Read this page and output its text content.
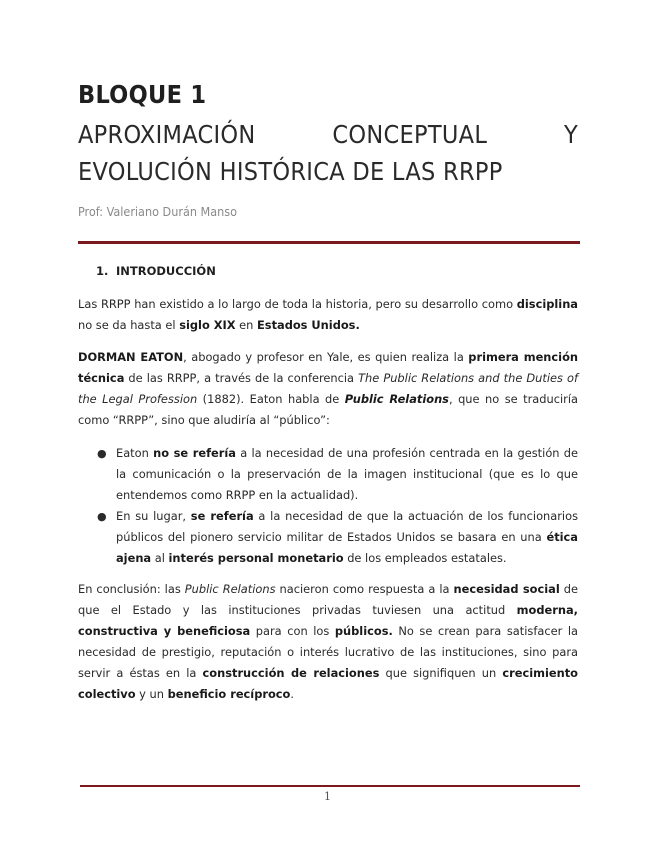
BLOQUE 1
APROXIMACIÓN CONCEPTUAL Y EVOLUCIÓN HISTÓRICA DE LAS RRPP
Prof: Valeriano Durán Manso
1. INTRODUCCIÓN

Las RRPP han existido a lo largo de toda la historia, pero su desarrollo como disciplina no se da hasta el siglo XIX en Estados Unidos.

DORMAN EATON, abogado y profesor en Yale, es quien realiza la primera mención técnica de las RRPP, a través de la conferencia The Public Relations and the Duties of the Legal Profession (1882). Eaton habla de Public Relations, que no se traduciría como “RRPP”, sino que aludiría al “público”:

● Eaton no se refería a la necesidad de una profesión centrada en la gestión de la comunicación o la preservación de la imagen institucional (que es lo que entendemos como RRPP en la actualidad).
● En su lugar, se refería a la necesidad de que la actuación de los funcionarios públicos del pionero servicio militar de Estados Unidos se basara en una ética ajena al interés personal monetario de los empleados estatales.

En conclusión: las Public Relations nacieron como respuesta a la necesidad social de que el Estado y las instituciones privadas tuviesen una actitud moderna, constructiva y beneficiosa para con los públicos. No se crean para satisfacer la necesidad de prestigio, reputación o interés lucrativo de las instituciones, sino para servir a éstas en la construcción de relaciones que signifiquen un crecimiento colectivo y un beneficio recíproco.

1
